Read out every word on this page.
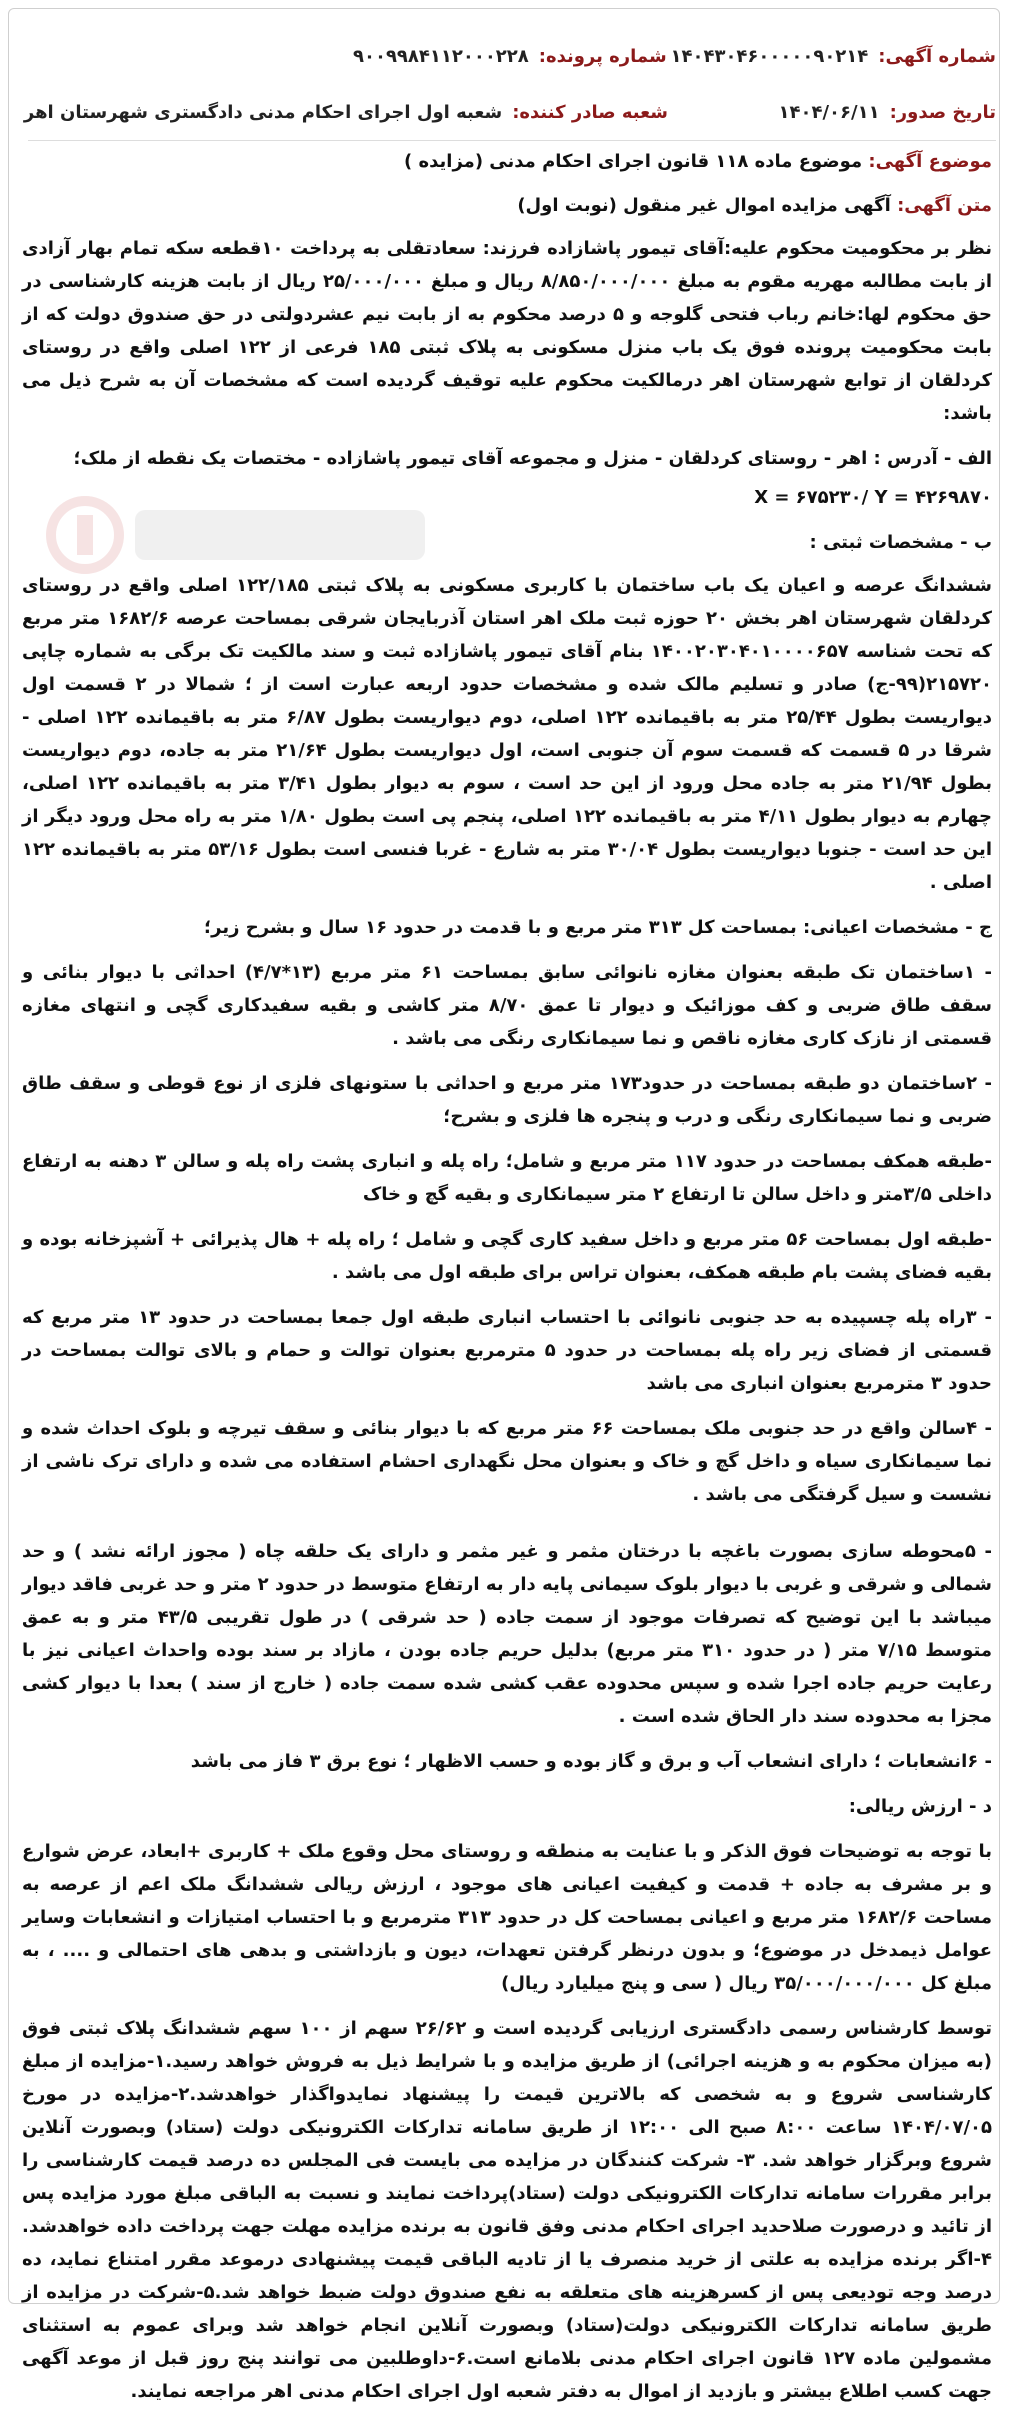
شماره آگهی:
۱۴۰۴۳۰۴۶۰۰۰۰۰۹۰۲۱۴
شماره پرونده:
۹۰۰۹۹۸۴۱۱۲۰۰۰۲۲۸
تاریخ صدور:
۱۴۰۴/۰۶/۱۱
شعبه صادر کننده:
شعبه اول اجرای احکام مدنی دادگستری شهرستان اهر
موضوع آگهی: موضوع ماده ۱۱۸ قانون اجرای احکام مدنی (مزایده )
متن آگهی: آگهی مزایده اموال غیر منقول (نوبت اول)

نظر بر محکومیت محکوم علیه:آقای تیمور پاشازاده فرزند: سعادتقلی به پرداخت ۱۰قطعه سکه تمام بهار آزادی از بابت مطالبه مهریه مقوم به مبلغ ۸/۸۵۰/۰۰۰/۰۰۰ ریال و مبلغ ۲۵/۰۰۰/۰۰۰ ریال از بابت هزینه کارشناسی در حق محکوم لها:خانم رباب فتحی گلوجه و ۵ درصد محکوم به از بابت نیم عشردولتی در حق صندوق دولت که از بابت محکومیت پرونده فوق یک باب منزل مسکونی به پلاک ثبتی ۱۸۵ فرعی از ۱۲۲ اصلی واقع در روستای کردلقان از توابع شهرستان اهر درمالکیت محکوم علیه توقیف گردیده است که مشخصات آن به شرح ذیل می باشد:

الف - آدرس : اهر - روستای کردلقان - منزل و مجموعه آقای تیمور پاشازاده - مختصات یک نقطه از ملک؛

X = ۶۷۵۲۳۰/ Y = ۴۲۶۹۸۷۰

ب - مشخصات ثبتی :

ششدانگ عرصه و اعیان یک باب ساختمان با کاربری مسکونی به پلاک ثبتی ۱۲۲/۱۸۵ اصلی واقع در روستای کردلقان شهرستان اهر بخش ۲۰ حوزه ثبت ملک اهر استان آذربایجان شرقی بمساحت عرصه ۱۶۸۲/۶ متر مربع که تحت شناسه ۱۴۰۰۲۰۳۰۴۰۱۰۰۰۰۶۵۷ بنام آقای تیمور پاشازاده ثبت و سند مالکیت تک برگی به شماره چاپی ۲۱۵۷۲۰(۹۹-ج) صادر و تسلیم مالک شده و مشخصات حدود اربعه عبارت است از ؛ شمالا در ۲ قسمت اول دیواریست بطول ۲۵/۴۴ متر به باقیمانده ۱۲۲ اصلی، دوم دیواریست بطول ۶/۸۷ متر به باقیمانده ۱۲۲ اصلی - شرقا در ۵ قسمت که قسمت سوم آن جنوبی است، اول دیواریست بطول ۲۱/۶۴ متر به جاده، دوم دیواریست بطول ۲۱/۹۴ متر به جاده محل ورود از این حد است ، سوم به دیوار بطول ۳/۴۱ متر به باقیمانده ۱۲۲ اصلی، چهارم به دیوار بطول ۴/۱۱ متر به باقیمانده ۱۲۲ اصلی، پنجم پی است بطول ۱/۸۰ متر به راه محل ورود دیگر از این حد است - جنوبا دیواریست بطول ۳۰/۰۴ متر به شارع - غربا فنسی است بطول ۵۳/۱۶ متر به باقیمانده ۱۲۲ اصلی .

ج - مشخصات اعیانی: بمساحت کل ۳۱۳ متر مربع و با قدمت در حدود ۱۶ سال و بشرح زیر؛

- ۱ساختمان تک طبقه بعنوان مغازه نانوائی سابق بمساحت ۶۱ متر مربع (۱۳*۴/۷) احداثی با دیوار بنائی و سقف طاق ضربی و کف موزائیک و دیوار تا عمق ۸/۷۰ متر کاشی و بقیه سفیدکاری گچی و انتهای مغازه قسمتی از نازک کاری مغازه ناقص و نما سیمانکاری رنگی می باشد .

- ۲ساختمان دو طبقه بمساحت در حدود۱۷۳ متر مربع و احداثی با ستونهای فلزی از نوع قوطی و سقف طاق ضربی و نما سیمانکاری رنگی و درب و پنجره ها فلزی و بشرح؛

-طبقه همکف بمساحت در حدود ۱۱۷ متر مربع و شامل؛ راه پله و انباری پشت راه پله و سالن ۳ دهنه به ارتفاع داخلی ۳/۵متر و داخل سالن تا ارتفاع ۲ متر سیمانکاری و بقیه گچ و خاک

-طبقه اول بمساحت ۵۶ متر مربع و داخل سفید کاری گچی و شامل ؛ راه پله + هال پذیرائی + آشپزخانه بوده و بقیه فضای پشت بام طبقه همکف، بعنوان تراس برای طبقه اول می باشد .

- ۳راه پله چسپیده به حد جنوبی نانوائی با احتساب انباری طبقه اول جمعا بمساحت در حدود ۱۳ متر مربع که قسمتی از فضای زیر راه پله بمساحت در حدود ۵ مترمربع بعنوان توالت و حمام و بالای توالت بمساحت در حدود ۳ مترمربع بعنوان انباری می باشد

- ۴سالن واقع در حد جنوبی ملک بمساحت ۶۶ متر مربع که با دیوار بنائی و سقف تیرچه و بلوک احداث شده و نما سیمانکاری سیاه و داخل گچ و خاک و بعنوان محل نگهداری احشام استفاده می شده و دارای ترک ناشی از نشست و سیل گرفتگی می باشد .

- ۵محوطه سازی بصورت باغچه با درختان مثمر و غیر مثمر و دارای یک حلقه چاه ( مجوز ارائه نشد ) و حد شمالی و شرقی و غربی با دیوار بلوک سیمانی پایه دار به ارتفاع متوسط در حدود ۲ متر و حد غربی فاقد دیوار میباشد با این توضیح که تصرفات موجود از سمت جاده ( حد شرقی ) در طول تقریبی ۴۳/۵ متر و به عمق متوسط ۷/۱۵ متر ( در حدود ۳۱۰ متر مربع) بدلیل حریم جاده بودن ، مازاد بر سند بوده واحداث اعیانی نیز با رعایت حریم جاده اجرا شده و سپس محدوده عقب کشی شده سمت جاده ( خارج از سند ) بعدا با دیوار کشی مجزا به محدوده سند دار الحاق شده است .

- ۶انشعابات ؛ دارای انشعاب آب و برق و گاز بوده و حسب الاظهار ؛ نوع برق ۳ فاز می باشد

د - ارزش ریالی:

با توجه به توضیحات فوق الذکر و با عنایت به منطقه و روستای محل وقوع ملک + کاربری +ابعاد، عرض شوارع و بر مشرف به جاده + قدمت و کیفیت اعیانی های موجود ، ارزش ریالی ششدانگ ملک اعم از عرصه به مساحت ۱۶۸۲/۶ متر مربع و اعیانی بمساحت کل در حدود ۳۱۳ مترمربع و با احتساب امتیازات و انشعابات وسایر عوامل ذیمدخل در موضوع؛ و بدون درنظر گرفتن تعهدات، دیون و بازداشتی و بدهی های احتمالی و .... ، به مبلغ کل ۳۵/۰۰۰/۰۰۰/۰۰۰ ریال ( سی و پنج میلیارد ریال)

توسط کارشناس رسمی دادگستری ارزیابی گردیده است و ۲۶/۶۲ سهم از ۱۰۰ سهم ششدانگ پلاک ثبتی فوق (به میزان محکوم به و هزینه اجرائی) از طریق مزایده و با شرایط ذیل به فروش خواهد رسید.۱-مزایده از مبلغ کارشناسی شروع و به شخصی که بالاترین قیمت را پیشنهاد نمایدواگذار خواهدشد.۲-مزایده در مورخ ۱۴۰۴/۰۷/۰۵ ساعت ۸:۰۰ صبح الی ۱۲:۰۰ از طریق سامانه تدارکات الکترونیکی دولت (ستاد) وبصورت آنلاین شروع وبرگزار خواهد شد. ۳- شرکت کنندگان در مزایده می بایست فی المجلس ده درصد قیمت کارشناسی را برابر مقررات سامانه تدارکات الکترونیکی دولت (ستاد)پرداخت نمایند و نسبت به الباقی مبلغ مورد مزایده پس از تائید و درصورت صلاحدید اجرای احکام مدنی وفق قانون به برنده مزایده مهلت جهت پرداخت داده خواهدشد. ۴-اگر برنده مزایده به علتی از خرید منصرف یا از تادیه الباقی قیمت پیشنهادی درموعد مقرر امتناع نماید، ده درصد وجه تودیعی پس از کسرهزینه های متعلقه به نفع صندوق دولت ضبط خواهد شد.۵-شرکت در مزایده از طریق سامانه تدارکات الکترونیکی دولت(ستاد) وبصورت آنلاین انجام خواهد شد وبرای عموم به استثنای مشمولین ماده ۱۲۷ قانون اجرای احکام مدنی بلامانع است.۶-داوطلبین می توانند پنج روز قبل از موعد آگهی جهت کسب اطلاع بیشتر و بازدید از اموال به دفتر شعبه اول اجرای احکام مدنی اهر مراجعه نمایند.
